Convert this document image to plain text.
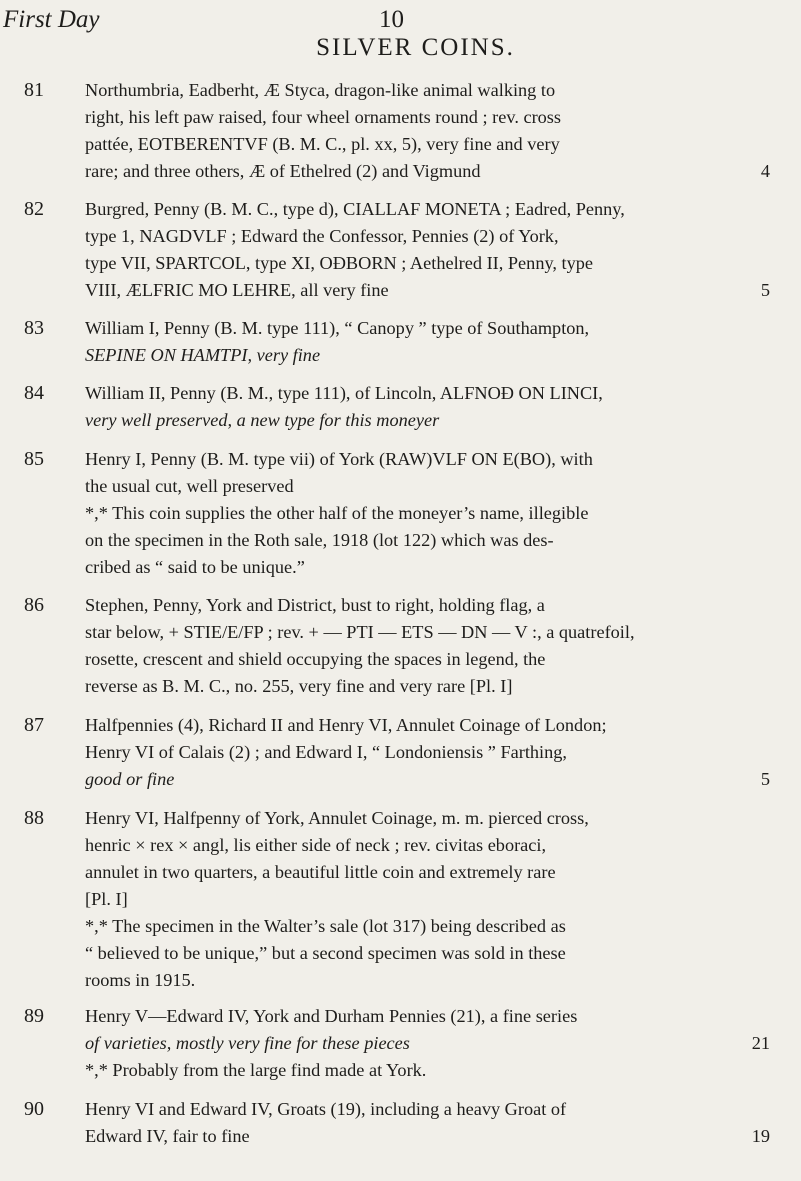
First Day	10
SILVER COINS.
81 Northumbria, Eadberht, Æ Styca, dragon-like animal walking to
right, his left paw raised, four wheel ornaments round ; rev. cross
pattée, EOTBERENTVF (B. M. C., pl. xx, 5), very fine and very
rare; and three others, Æ of Ethelred (2) and Vigmund	4
82 Burgred, Penny (B. M. C., type d), CIALLAF MONETA ; Eadred, Penny,
type 1, NAGDVLF ; Edward the Confessor, Pennies (2) of York,
type VII, SPARTCOL, type XI, OÐBORN ; Aethelred II, Penny, type
VIII, ÆLFRIC MO LEHRE, all very fine	5
83 William I, Penny (B. M. type 111), “ Canopy ” type of Southampton,
SEPINE ON HAMTPI, very fine
84 William II, Penny (B. M., type 111), of Lincoln, ALFNOÐ ON LINCI,
very well preserved, a new type for this moneyer
85 Henry I, Penny (B. M. type vii) of York (RAW)VLF ON E(BO), with
the usual cut, well preserved
*,* This coin supplies the other half of the moneyer’s name, illegible
on the specimen in the Roth sale, 1918 (lot 122) which was des-
cribed as “ said to be unique.”
86 Stephen, Penny, York and District, bust to right, holding flag, a
star below, + STIE/E/FP ; rev. + — PTI — ETS — DN — V :, a quatrefoil,
rosette, crescent and shield occupying the spaces in legend, the
reverse as B. M. C., no. 255, very fine and very rare [Pl. I]
87 Halfpennies (4), Richard II and Henry VI, Annulet Coinage of London;
Henry VI of Calais (2) ; and Edward I, “ Londoniensis ” Farthing,
good or fine	5
88 Henry VI, Halfpenny of York, Annulet Coinage, m. m. pierced cross,
henric × rex × angl, lis either side of neck ; rev. civitas eboraci,
annulet in two quarters, a beautiful little coin and extremely rare
[Pl. I]
*,* The specimen in the Walter’s sale (lot 317) being described as
“ believed to be unique,” but a second specimen was sold in these
rooms in 1915.
89 Henry V—Edward IV, York and Durham Pennies (21), a fine series
of varieties, mostly very fine for these pieces	21
*,* Probably from the large find made at York.
90 Henry VI and Edward IV, Groats (19), including a heavy Groat of
Edward IV, fair to fine	19
